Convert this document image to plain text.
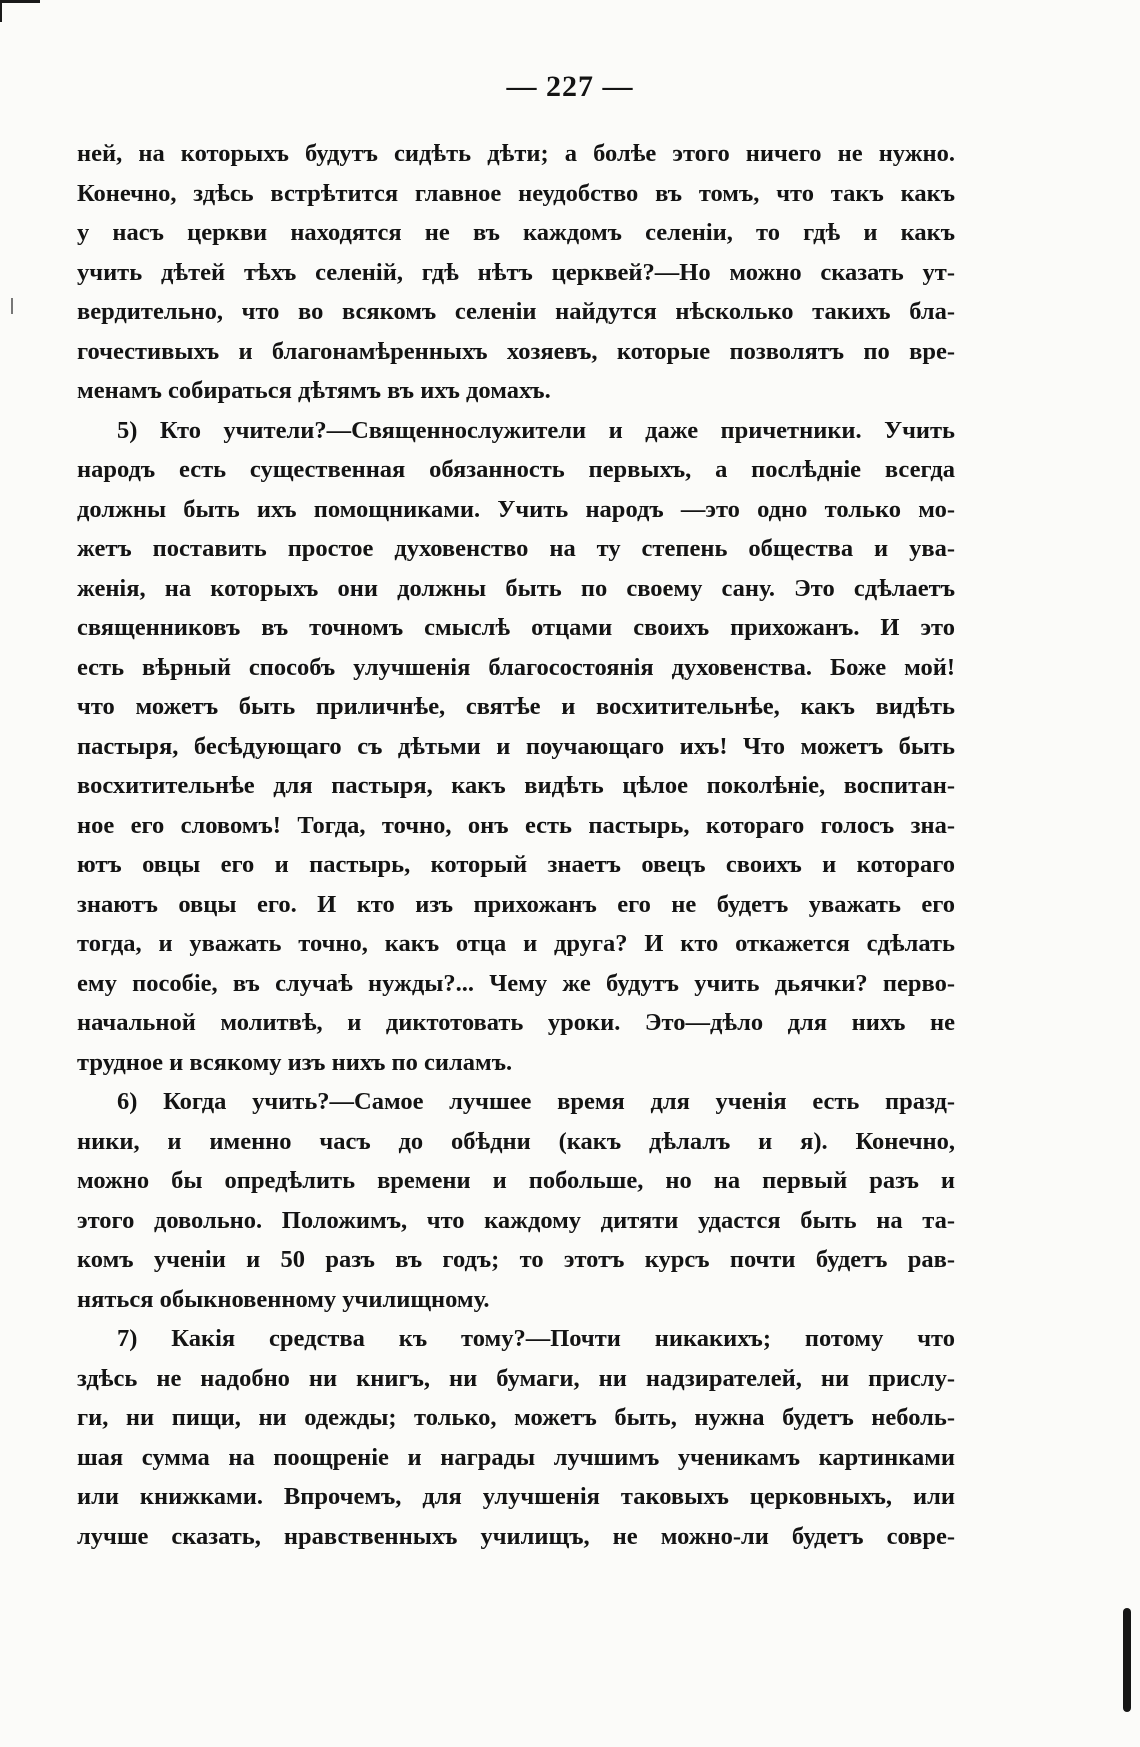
— 227 —
ней, на которыхъ будутъ сидѣть дѣти; а болѣе этого ничего не нужно.
Конечно, здѣсь встрѣтится главное неудобство въ томъ, что такъ какъ
у насъ церкви находятся не въ каждомъ селеніи, то гдѣ и какъ
учить дѣтей тѣхъ селеній, гдѣ нѣтъ церквей?—Но можно сказать ут-
вердительно, что во всякомъ селеніи найдутся нѣсколько такихъ бла-
гочестивыхъ и благонамѣренныхъ хозяевъ, которые позволятъ по вре-
менамъ собираться дѣтямъ въ ихъ домахъ.
5) Кто учители?—Священнослужители и даже причетники. Учить
народъ есть существенная обязанность первыхъ, а послѣдніе всегда
должны быть ихъ помощниками. Учить народъ —это одно только мо-
жетъ поставить простое духовенство на ту степень общества и ува-
женія, на которыхъ они должны быть по своему сану. Это сдѣлаетъ
священниковъ въ точномъ смыслѣ отцами своихъ прихожанъ. И это
есть вѣрный способъ улучшенія благосостоянія духовенства. Боже мой!
что можетъ быть приличнѣе, святѣе и восхитительнѣе, какъ видѣть
пастыря, бесѣдующаго съ дѣтьми и поучающаго ихъ! Что можетъ быть
восхитительнѣе для пастыря, какъ видѣть цѣлое поколѣніе, воспитан-
ное его словомъ! Тогда, точно, онъ есть пастырь, котораго голосъ зна-
ютъ овцы его и пастырь, который знаетъ овецъ своихъ и котораго
знаютъ овцы его. И кто изъ прихожанъ его не будетъ уважать его
тогда, и уважать точно, какъ отца и друга? И кто откажется сдѣлать
ему пособіе, въ случаѣ нужды?... Чему же будутъ учить дьячки? перво-
начальной молитвѣ, и диктотовать уроки. Это—дѣло для нихъ не
трудное и всякому изъ нихъ по силамъ.
6) Когда учить?—Самое лучшее время для ученія есть празд-
ники, и именно часъ до обѣдни (какъ дѣлалъ и я). Конечно,
можно бы опредѣлить времени и побольше, но на первый разъ и
этого довольно. Положимъ, что каждому дитяти удастся быть на та-
комъ ученіи и 50 разъ въ годъ; то этотъ курсъ почти будетъ рав-
няться обыкновенному училищному.
7) Какія средства къ тому?—Почти никакихъ; потому что
здѣсь не надобно ни книгъ, ни бумаги, ни надзирателей, ни прислу-
ги, ни пищи, ни одежды; только, можетъ быть, нужна будетъ неболь-
шая сумма на поощреніе и награды лучшимъ ученикамъ картинками
или книжками. Впрочемъ, для улучшенія таковыхъ церковныхъ, или
лучше сказать, нравственныхъ училищъ, не можно-ли будетъ совре-
